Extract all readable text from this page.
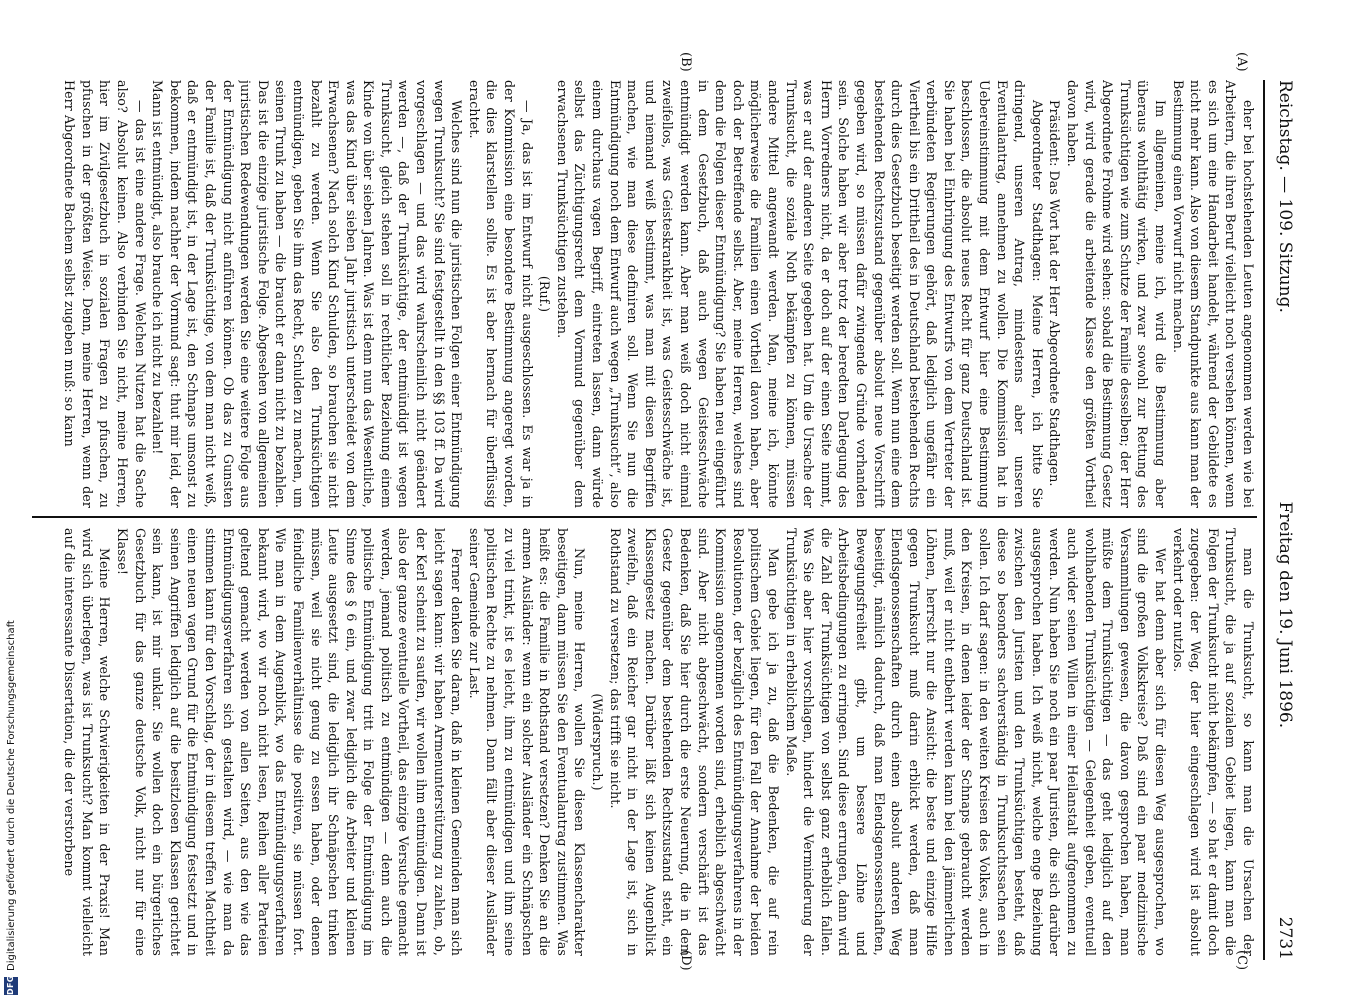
Reichstag. — 109. Sitzung.
Freitag den 19. Juni 1896.
2731
(A)
(B)
(C)
(D)

eher bei hochstehenden Leuten angenommen werden wie bei Arbeitern, die ihren Beruf vielleicht noch versehen können, wenn es sich um eine Handarbeit handelt, während der Gebildete es nicht mehr kann. Also von diesem Standpunkte aus kann man der Bestimmung einen Vorwurf nicht machen.

Im allgemeinen, meine ich, wird die Bestimmung aber überaus wohlthätig wirken, und zwar sowohl zur Rettung des Trunksüchtigen wie zum Schutze der Familie desselben; der Herr Abgeordnete Frohme wird sehen: sobald die Bestimmung Gesetz wird, wird gerade die arbeitende Klasse den größten Vortheil davon haben.

Präsident: Das Wort hat der Herr Abgeordnete Stadthagen.

Abgeordneter Stadthagen: Meine Herren, ich bitte Sie dringend, unseren Antrag, mindestens aber unseren Eventualantrag, annehmen zu wollen. Die Kommission hat in Uebereinstimmung mit dem Entwurf hier eine Bestimmung beschlossen, die absolut neues Recht für ganz Deutschland ist. Sie haben bei Einbringung des Entwurfs von dem Vertreter der verbündeten Regierungen gehört, daß lediglich ungefähr ein Viertheil bis ein Drittheil des in Deutschland bestehenden Rechts durch dies Gesetzbuch beseitigt werden soll. Wenn nun eine dem bestehenden Rechtszustand gegenüber absolut neue Vorschrift gegeben wird, so müssen dafür zwingende Gründe vorhanden sein. Solche haben wir aber trotz der beredten Darlegung des Herrn Vorredners nicht, da er doch auf der einen Seite nimmt, was er auf der anderen Seite gegeben hat. Um die Ursache der Trunksucht, die soziale Noth bekämpfen zu können, müssen andere Mittel angewandt werden. Man, meine ich, könnte möglicherweise die Familien einen Vortheil davon haben, aber doch der Betreffende selbst. Aber, meine Herren, welches sind denn die Folgen dieser Entmündigung? Sie haben neu eingeführt in dem Gesetzbuch, daß auch wegen Geistesschwäche entmündigt werden kann. Aber man weiß doch nicht einmal zweifellos, was Geisteskrankheit ist, was Geistesschwäche ist, und niemand weiß bestimmt, was man mit diesen Begriffen machen, wie man diese definiren soll. Wenn Sie nun die Entmündigung noch dem Entwurf auch wegen „Trunksucht“, also einem durchaus vagen Begriff, eintreten lassen, dann würde selbst das Züchtigungsrecht dem Vormund gegenüber dem erwachsenen Trunksüchtigen zustehen.

(Ruf.)

— Ja, das ist im Entwurf nicht ausgeschlossen. Es war ja in der Kommission eine besondere Bestimmung angeregt worden, die dies klarstellen sollte. Es ist aber hernach für überflüssig erachtet.

Welches sind nun die juristischen Folgen einer Entmündigung wegen Trunksucht? Sie sind festgestellt in den §§ 103 ff. Da wird vorgeschlagen — und das wird wahrscheinlich nicht geändert werden —, daß der Trunksüchtige, der entmündigt ist wegen Trunksucht, gleich stehen soll in rechtlicher Beziehung einem Kinde von über sieben Jahren. Was ist denn nun das Wesentliche, was das Kind über sieben Jahr juristisch unterscheidet von dem Erwachsenen? Nach solch Kind Schulden, so brauchen sie nicht bezahlt zu werden. Wenn Sie also den Trunksüchtigen entmündigen, geben Sie ihm das Recht, Schulden zu machen, um seinen Trunk zu haben — die braucht er dann nicht zu bezahlen. Das ist die einzige juristische Folge. Abgesehen von allgemeinen juristischen Redewendungen werden Sie eine weitere Folge aus der Entmündigung nicht anführen können. Ob das zu Gunsten der Familie ist, daß der Trunksüchtige, von dem man nicht weiß, daß er entmündigt ist, in der Lage ist, den Schnaps umsonst zu bekommen, indem nachher der Vormund sagt: thut mir leid, der Mann ist entmündigt, also brauche ich nicht zu bezahlen!

— das ist eine andere Frage. Welchen Nutzen hat die Sache also? Absolut keinen. Also verbinden Sie nicht, meine Herren, hier im Zivilgesetzbuch in sozialen Fragen zu pfuschen, zu pfuschen in der größten Weise. Denn, meine Herren, wenn der Herr Abgeordnete Bachem selbst zugeben muß: so kann

man die Trunksucht, so kann man die Ursachen der Trunksucht, die ja auf sozialem Gebiet liegen, kann man die Folgen der Trunksucht nicht bekämpfen, — so hat er damit doch zugegeben: der Weg, der hier eingeschlagen wird ist absolut verkehrt oder nutzlos.

Wer hat denn aber sich für diesen Weg ausgesprochen, wo sind die großen Volkskreise? Daß sind ein paar medizinische Versammlungen gewesen, die davon gesprochen haben, man müßte dem Trunksüchtigen — das geht lediglich auf den wohlhabenden Trunksüchtigen — Gelegenheit geben, eventuell auch wider seinen Willen in einer Heilanstalt aufgenommen zu werden. Nun haben Sie noch ein paar Juristen, die sich darüber ausgesprochen haben. Ich weiß nicht, welche enge Beziehung zwischen den Juristen und den Trunksüchtigen besteht, daß diese so besonders sachverständig in Trunksuchtssachen sein sollen. Ich darf sagen: in den weiten Kreisen des Volkes, auch in den Kreisen, in denen leider der Schnaps gebraucht werden muß, weil er nicht entbehrt werden kann bei den jämmerlichen Löhnen, herrscht nur die Ansicht: die beste und einzige Hilfe gegen Trunksucht muß darin erblickt werden, daß man Elendsgenossenschaften durch einen absolut anderen Weg beseitigt, nämlich dadurch, daß man Elendsgenossenschaften, Bewegungsfreiheit gibt, um bessere Löhne und Arbeitsbedingungen zu erringen. Sind diese errungen, dann wird die Zahl der Trunksüchtigen von selbst ganz erheblich fallen. Was Sie aber hier vorschlagen, hindert die Verminderung der Trunksüchtigen in erheblichem Maße.

Man gebe ich ja zu, daß die Bedenken, die auf rein politischem Gebiet liegen, für den Fall der Annahme der beiden Resolutionen, der bezüglich des Entmündigungsverfahrens in der Kommission angenommen worden sind, erheblich abgeschwächt sind. Aber nicht abgeschwächt, sondern verschärft ist das Bedenken, daß Sie hier durch die erste Neuerung, die in dem Gesetz gegenüber dem bestehenden Rechtszustand steht, ein Klassengesetz machen. Darüber läßt sich keinen Augenblick zweifeln, daß ein Reicher gar nicht in der Lage ist, sich in Rothstand zu versetzen; das trifft sie nicht.

(Widerspruch.)

Nun, meine Herren, wollen Sie diesen Klassencharakter beseitigen, dann müssen Sie den Eventualantrag zustimmen. Was heißt es: die Familie in Rothstand versetzen? Denken Sie an die armen Ausländer: wenn ein solcher Ausländer ein Schnäpschen zu viel trinkt, ist es leicht, ihm zu entmündigen und ihm seine politischen Rechte zu nehmen. Dann fällt aber dieser Ausländer seiner Gemeinde zur Last.

Ferner denken Sie daran, daß in kleinen Gemeinden man sich leicht sagen kann: wir haben Armenunterstützung zu zahlen, ob, der Kerl scheint zu saufen, wir wollen ihm entmündigen. Dann ist also der ganze eventuelle Vortheil, das einzige Versuche gemacht werden, jemand politisch zu entmündigen — denn auch die politische Entmündigung tritt in Folge der Entmündigung im Sinne des § 6 ein, und zwar lediglich die Arbeiter und kleinen Leute ausgesetzt sind, die lediglich ihr Schnäpschen trinken müssen, weil sie nicht genug zu essen haben, oder denen feindliche Familienverhältnisse die positiven, sie müssen fort. Wie man in dem Augenblick, wo das Entmündigungsverfahren bekannt wird, wo wir noch nicht lesen, Reihen aller Parteien geltend gemacht werden von allen Seiten, aus den wie das Entmündigungsverfahren sich gestalten wird, — wie man da stimmen kann für den Vorschlag, der in diesem treffen Machtheit einen neuen vagen Grund für die Entmündigung festsetzt und in seinen Angriffen lediglich auf die besitzlosen Klassen gerichtet sein kann, ist mir unklar. Sie wollen doch ein bürgerliches Gesetzbuch für das ganze deutsche Volk, nicht nur für eine Klasse!

Meine Herren, welche Schwierigkeiten in der Praxis! Man wird sich überlegen, was ist Trunksucht? Man kommt vielleicht auf die interessante Dissertation, die der verstorbene

DFG
Digitalisierung gefördert durch die Deutsche Forschungsgemeinschaft
